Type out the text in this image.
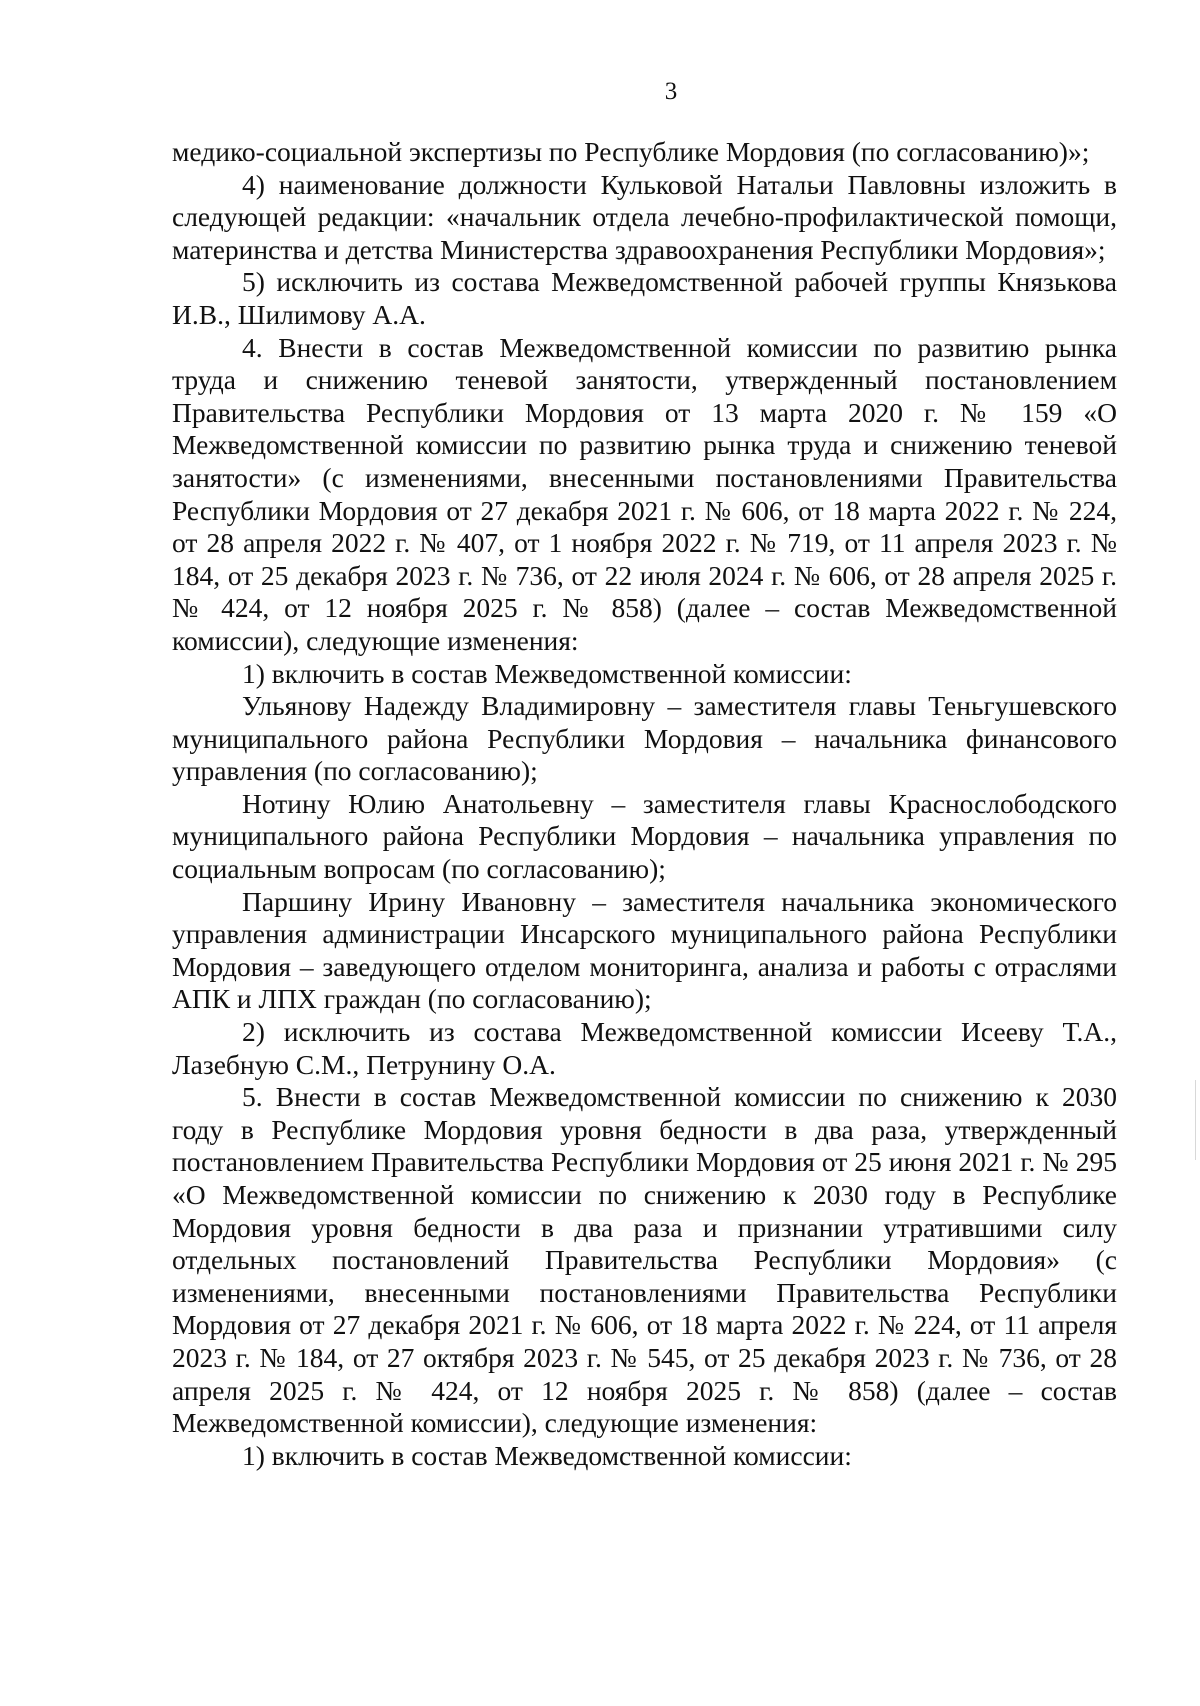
3

медико-социальной экспертизы по Республике Мордовия (по согласованию)»;

4) наименование должности Кульковой Натальи Павловны изложить в следующей редакции: «начальник отдела лечебно-профилактической помощи, материнства и детства Министерства здравоохранения Республики Мордовия»;

5) исключить из состава Межведомственной рабочей группы Князькова И.В., Шилимову А.А.

4. Внести в состав Межведомственной комиссии по развитию рынка труда и снижению теневой занятости, утвержденный постановлением Правительства Республики Мордовия от 13 марта 2020 г. № 159 «О Межведомственной комиссии по развитию рынка труда и снижению теневой занятости» (с изменениями, внесенными постановлениями Правительства Республики Мордовия от 27 декабря 2021 г. № 606, от 18 марта 2022 г. № 224, от 28 апреля 2022 г. № 407, от 1 ноября 2022 г. № 719, от 11 апреля 2023 г. № 184, от 25 декабря 2023 г. № 736, от 22 июля 2024 г. № 606, от 28 апреля 2025 г. № 424, от 12 ноября 2025 г. № 858) (далее – состав Межведомственной комиссии), следующие изменения:

1) включить в состав Межведомственной комиссии:

Ульянову Надежду Владимировну – заместителя главы Теньгушевского муниципального района Республики Мордовия – начальника финансового управления (по согласованию);

Нотину Юлию Анатольевну – заместителя главы Краснослободского муниципального района Республики Мордовия – начальника управления по социальным вопросам (по согласованию);

Паршину Ирину Ивановну – заместителя начальника экономического управления администрации Инсарского муниципального района Республики Мордовия – заведующего отделом мониторинга, анализа и работы с отраслями АПК и ЛПХ граждан (по согласованию);

2) исключить из состава Межведомственной комиссии Исееву Т.А., Лазебную С.М., Петрунину О.А.

5. Внести в состав Межведомственной комиссии по снижению к 2030 году в Республике Мордовия уровня бедности в два раза, утвержденный постановлением Правительства Республики Мордовия от 25 июня 2021 г. № 295 «О Межведомственной комиссии по снижению к 2030 году в Республике Мордовия уровня бедности в два раза и признании утратившими силу отдельных постановлений Правительства Республики Мордовия» (с изменениями, внесенными постановлениями Правительства Республики Мордовия от 27 декабря 2021 г. № 606, от 18 марта 2022 г. № 224, от 11 апреля 2023 г. № 184, от 27 октября 2023 г. № 545, от 25 декабря 2023 г. № 736, от 28 апреля 2025 г. № 424, от 12 ноября 2025 г. № 858) (далее – состав Межведомственной комиссии), следующие изменения:

1) включить в состав Межведомственной комиссии:
